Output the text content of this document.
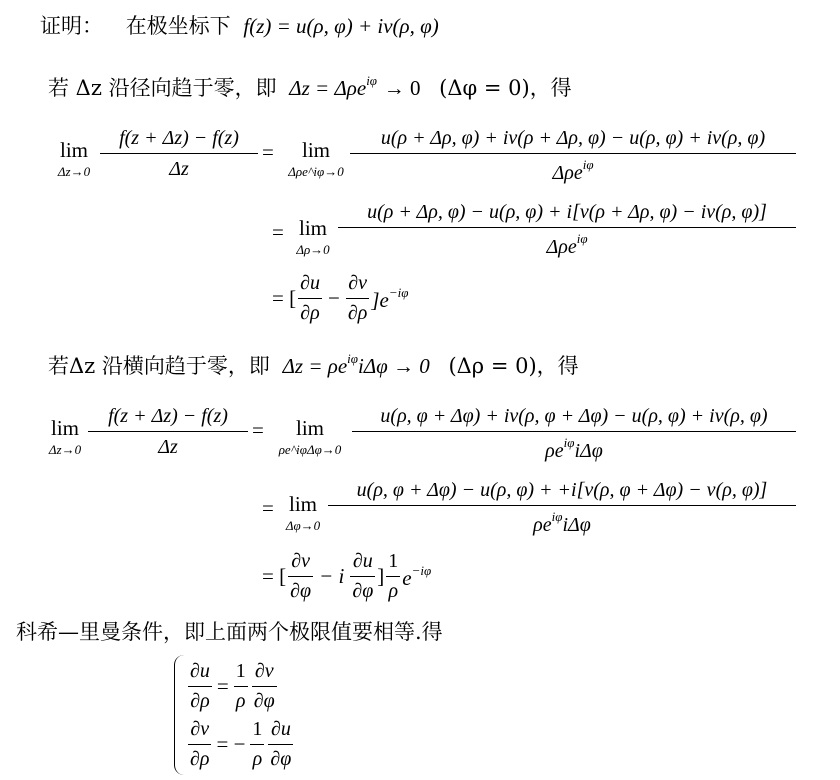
证明： 在极坐标下 f(z) = u(ρ, φ) + iv(ρ, φ)
若 Δz 沿径向趋于零，即 Δz = Δρe$^{i\varphi}$ → 0 (Δφ = 0)，得
lim
Δz→0
f(z + Δz) − f(z)
Δz
=	lim
Δρe^iφ→0
u(ρ + Δρ, φ) + iv(ρ + Δρ, φ) − u(ρ, φ) + iv(ρ, φ)
Δρe$^{i\varphi}$
= lim
Δρ→0
u(ρ + Δρ, φ) − u(ρ, φ) + i[v(ρ + Δρ, φ) − iv(ρ, φ)]
Δρe$^{i\varphi}$
= [ $\frac{\partial u}{\partial\rho} - \frac{\partial v}{\partial\rho} ]e^{-i\varphi}$
若Δz 沿横向趋于零，即 $\Delta z = \rho e^{i\varphi}i\Delta\varphi \to 0$ (Δρ = 0)，得
lim
Δz→0
f(z + Δz) − f(z)
Δz
=	lim
ρe^iφΔφ→0
u(ρ, φ + Δφ) + iv(ρ, φ + Δφ) − u(ρ, φ) + iv(ρ, φ)
$\rho e^{i\varphi}i\Delta\varphi$
= lim
Δφ→0
u(ρ, φ + Δφ) − u(ρ, φ) + +i[v(ρ, φ + Δφ) − v(ρ, φ)]
$\rho e^{i\varphi}i\Delta\varphi$
= [ $\frac{\partial v}{\partial\varphi} - i \frac{\partial u}{\partial\varphi}$ ] $\frac{1}{\rho} e^{-i\varphi}$
科希—里曼条件，即上面两个极限值要相等.得
$\frac{\partial u}{\partial\rho} = \frac{1}{\rho} \frac{\partial v}{\partial\varphi}$
$\frac{\partial v}{\partial\rho}$ = − $\frac{1}{\rho} \frac{\partial u}{\partial\varphi}$
